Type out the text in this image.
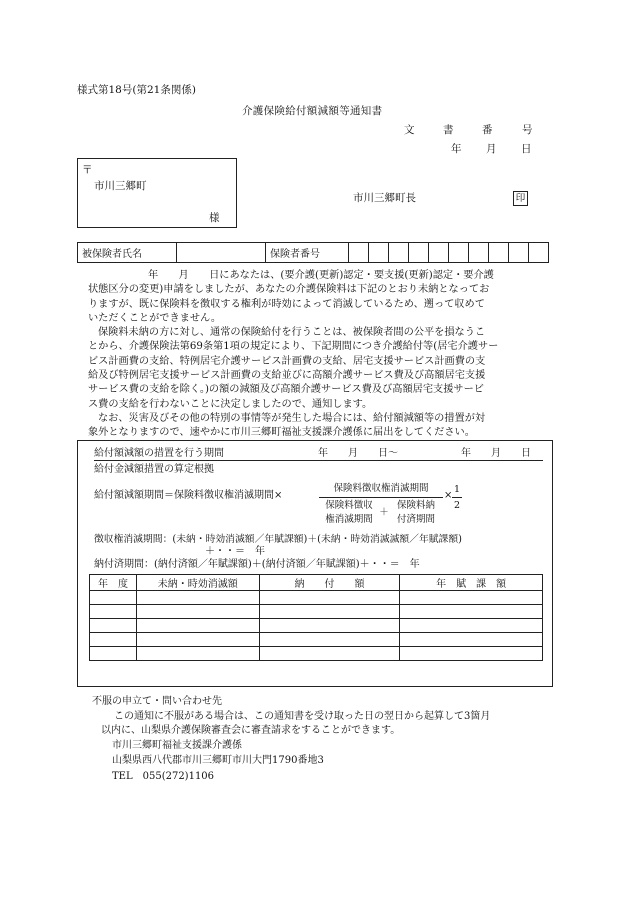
様式第18号(第21条関係)
介護保険給付額減額等通知書
文	書	番	号
年 月 日
〒
市川三郷町
様
市川三郷町長	印
被保険者氏名		保険者番号										
年　　月　　日にあなたは、(要介護(更新)認定・要支援(更新)認定・要介護
状態区分の変更)申請をしましたが、あなたの介護保険料は下記のとおり未納となってお
りますが、既に保険料を徴収する権利が時効によって消滅しているため、遡って収めて
いただくことができません。
保険料未納の方に対し、通常の保険給付を行うことは、被保険者間の公平を損なうこ
とから、介護保険法第69条第1項の規定により、下記期間につき介護給付等(居宅介護サー
ビス計画費の支給、特例居宅介護サービス計画費の支給、居宅支援サービス計画費の支
給及び特例居宅支援サービス計画費の支給並びに高額介護サービス費及び高額居宅支援
サービス費の支給を除く。)の額の減額及び高額介護サービス費及び高額居宅支援サービ
ス費の支給を行わないことに決定しましたので、通知します。
なお、災害及びその他の特別の事情等が発生した場合には、給付額減額等の措置が対
象外となりますので、速やかに市川三郷町福祉支援課介護係に届出をしてください。
給付額減額の措置を行う期間	年　　月　　日～	年　　月　　日
給付金減額措置の算定根拠
給付額減額期間＝保険料徴収権消滅期間×
保険料徴収権消滅期間
保険料徴収
権消滅期間
＋
保険料納
付済期間
×
1
2
徴収権消滅期間：(未納・時効消滅額／年賦課額)＋(未納・時効消滅滅額／年賦課額)
＋・・＝　年
納付済期間：(納付済額／年賦課額)＋(納付済額／年賦課額)＋・・＝　年
年　度	未納・時効消滅額	納　　付　　額	年　賦　課　額

不服の申立て・問い合わせ先
この通知に不服がある場合は、この通知書を受け取った日の翌日から起算して3箇月
以内に、山梨県介護保険審査会に審査請求をすることができます。
市川三郷町福祉支援課介護係
山梨県西八代郡市川三郷町市川大門1790番地3
TEL　055(272)1106
